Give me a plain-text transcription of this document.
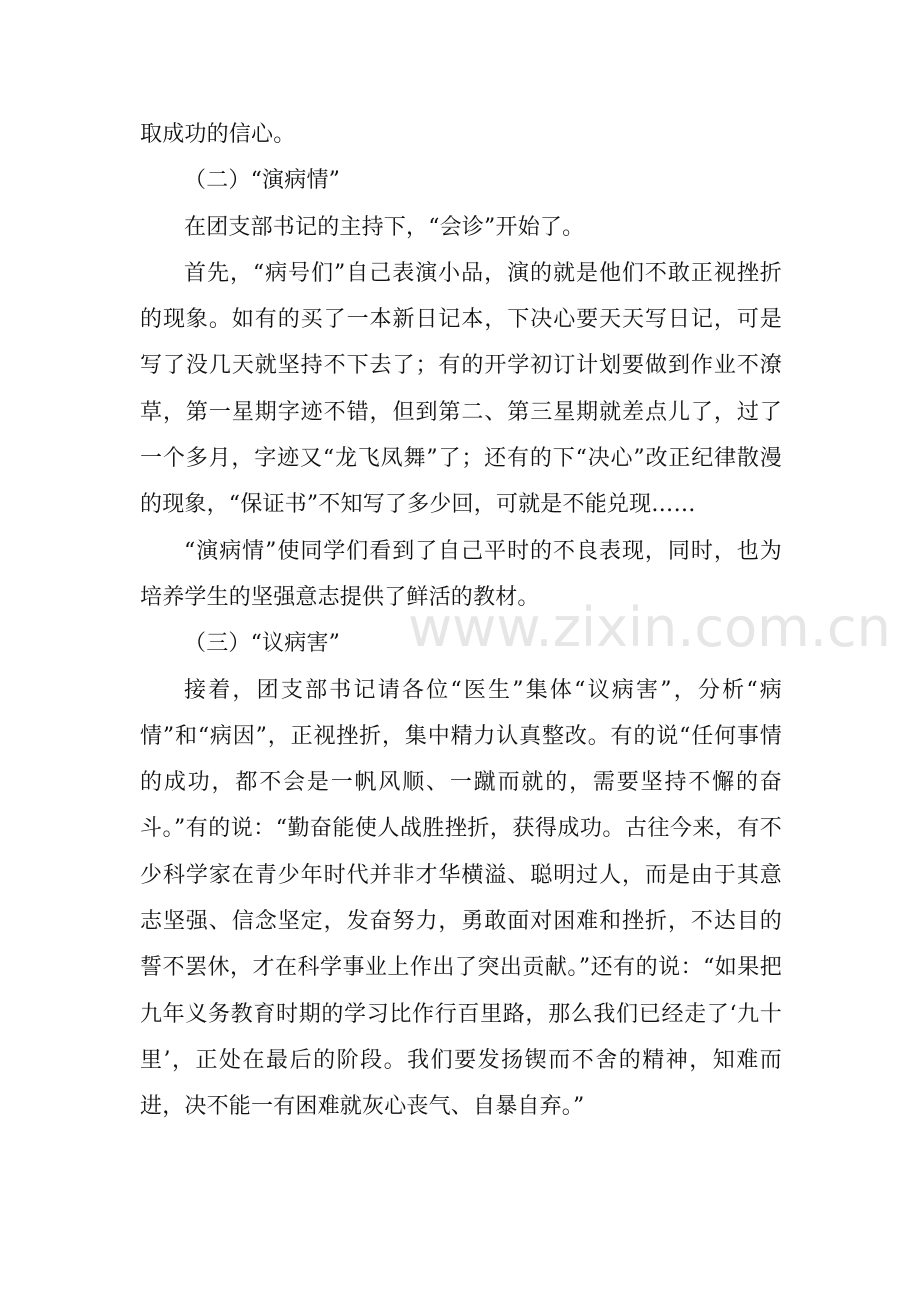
www.zixin.com.cn

取成功的信心。

（二）“演病情”

在团支部书记的主持下，“会诊”开始了。

首先，“病号们”自己表演小品，演的就是他们不敢正视挫折的现象。如有的买了一本新日记本，下决心要天天写日记，可是写了没几天就坚持不下去了；有的开学初订计划要做到作业不潦草，第一星期字迹不错，但到第二、第三星期就差点儿了，过了一个多月，字迹又“龙飞凤舞”了；还有的下“决心”改正纪律散漫的现象，“保证书”不知写了多少回，可就是不能兑现……

“演病情”使同学们看到了自己平时的不良表现，同时，也为培养学生的坚强意志提供了鲜活的教材。

（三）“议病害”

接着，团支部书记请各位“医生”集体“议病害”，分析“病情”和“病因”，正视挫折，集中精力认真整改。有的说“任何事情的成功，都不会是一帆风顺、一蹴而就的，需要坚持不懈的奋斗。”有的说：“勤奋能使人战胜挫折，获得成功。古往今来，有不少科学家在青少年时代并非才华横溢、聪明过人，而是由于其意志坚强、信念坚定，发奋努力，勇敢面对困难和挫折，不达目的誓不罢休，才在科学事业上作出了突出贡献。”还有的说：“如果把九年义务教育时期的学习比作行百里路，那么我们已经走了‘九十里’，正处在最后的阶段。我们要发扬锲而不舍的精神，知难而进，决不能一有困难就灰心丧气、自暴自弃。”
